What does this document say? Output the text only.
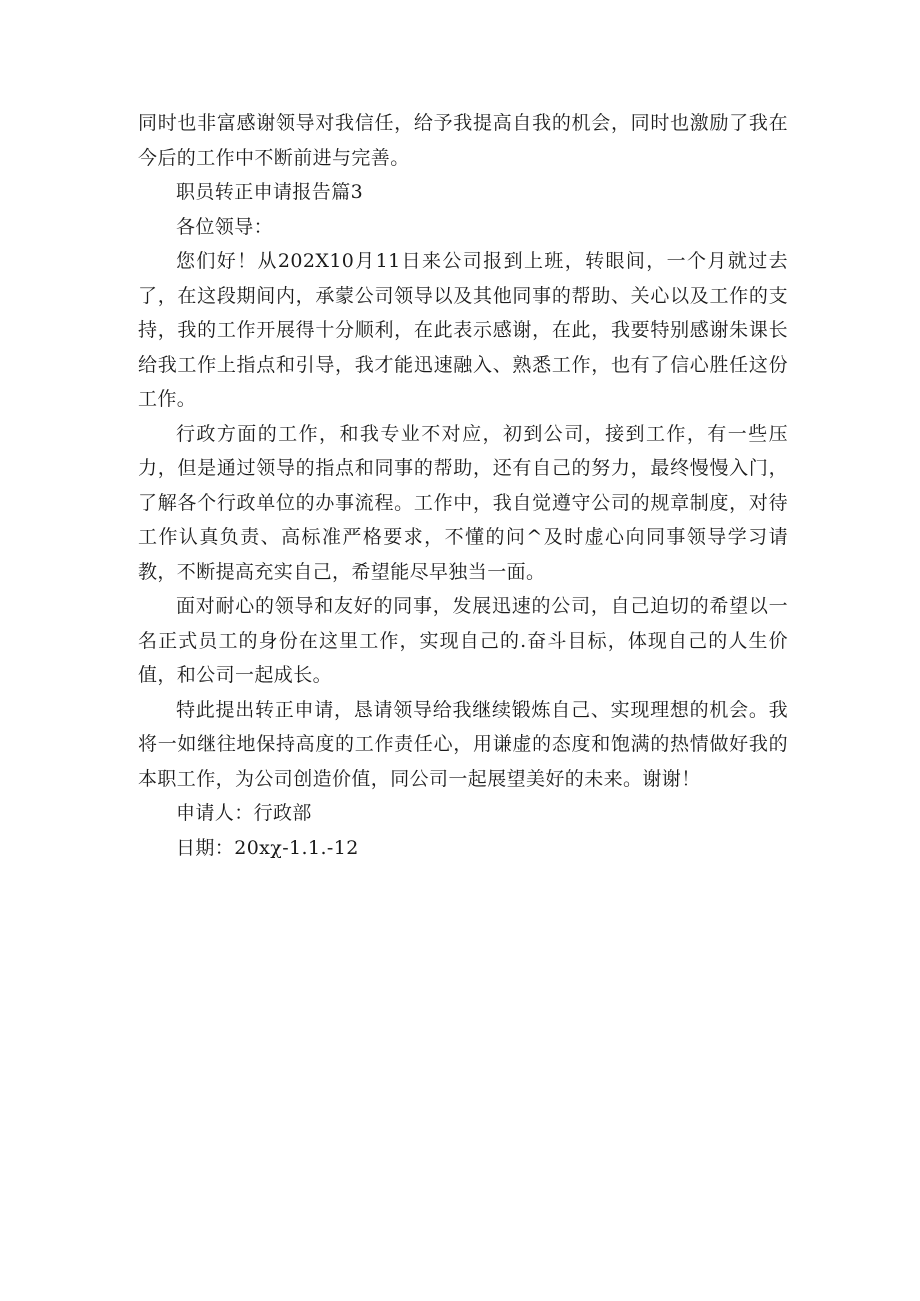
同时也非富感谢领导对我信任，给予我提高自我的机会，同时也激励了我在今后的工作中不断前进与完善。

职员转正申请报告篇3

各位领导：

您们好！从202X10月11日来公司报到上班，转眼间，一个月就过去了，在这段期间内，承蒙公司领导以及其他同事的帮助、关心以及工作的支持，我的工作开展得十分顺利，在此表示感谢，在此，我要特别感谢朱课长给我工作上指点和引导，我才能迅速融入、熟悉工作，也有了信心胜任这份工作。

行政方面的工作，和我专业不对应，初到公司，接到工作，有一些压力，但是通过领导的指点和同事的帮助，还有自己的努力，最终慢慢入门，了解各个行政单位的办事流程。工作中，我自觉遵守公司的规章制度，对待工作认真负责、高标准严格要求，不懂的问^及时虚心向同事领导学习请教，不断提高充实自己，希望能尽早独当一面。

面对耐心的领导和友好的同事，发展迅速的公司，自己迫切的希望以一名正式员工的身份在这里工作，实现自己的.奋斗目标，体现自己的人生价值，和公司一起成长。

特此提出转正申请，恳请领导给我继续锻炼自己、实现理想的机会。我将一如继往地保持高度的工作责任心，用谦虚的态度和饱满的热情做好我的本职工作，为公司创造价值，同公司一起展望美好的未来。谢谢！

申请人：行政部

日期：20xχ-1.1.-12
